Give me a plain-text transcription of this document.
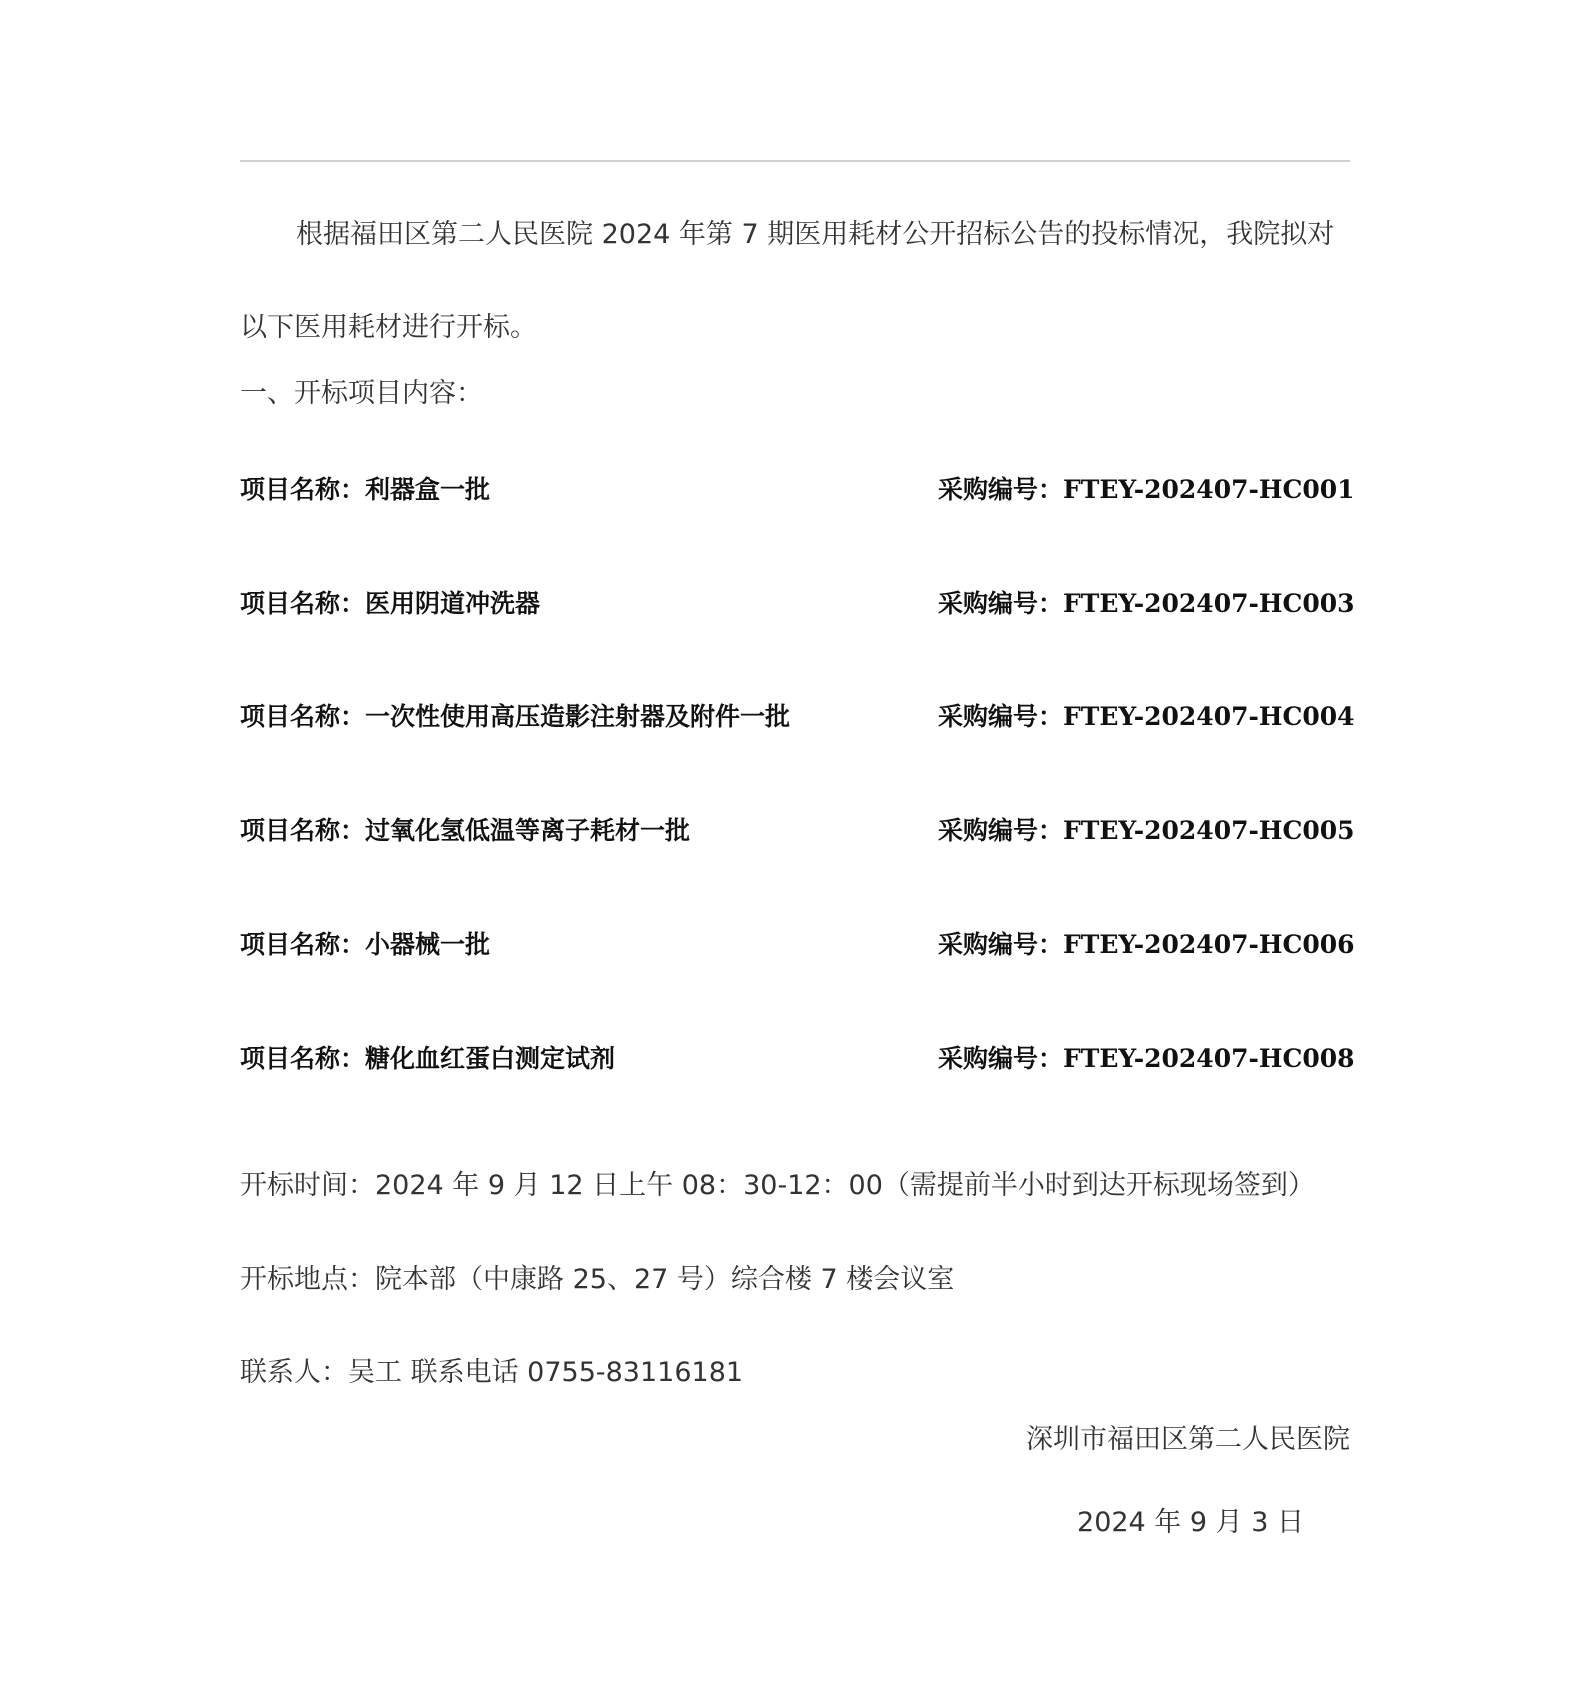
根据福田区第二人民医院 2024 年第 7 期医用耗材公开招标公告的投标情况，我院拟对
以下医用耗材进行开标。
一、开标项目内容：
项目名称：利器盒一批	采购编号：FTEY-202407-HC001
项目名称：医用阴道冲洗器	采购编号：FTEY-202407-HC003
项目名称：一次性使用高压造影注射器及附件一批	采购编号：FTEY-202407-HC004
项目名称：过氧化氢低温等离子耗材一批	采购编号：FTEY-202407-HC005
项目名称：小器械一批	采购编号：FTEY-202407-HC006
项目名称：糖化血红蛋白测定试剂	采购编号：FTEY-202407-HC008
开标时间：2024 年 9 月 12 日上午 08：30-12：00（需提前半小时到达开标现场签到）
开标地点：院本部（中康路 25、27 号）综合楼 7 楼会议室
联系人：吴工 联系电话 0755-83116181
深圳市福田区第二人民医院
2024 年 9 月 3 日
